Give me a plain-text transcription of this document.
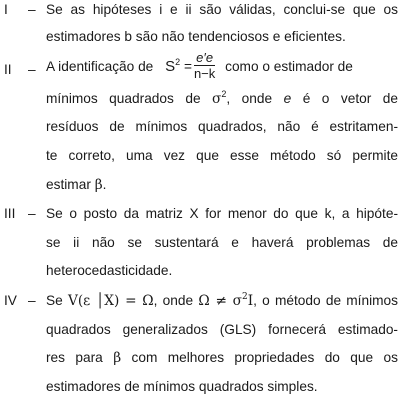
I – Se as hipóteses i e ii são válidas, conclui-se que os
estimadores b são não tendenciosos e eficientes.
II – A identificação de $S^2 = \frac{e'e}{n-k}$ como o estimador de
mínimos quadrados de $\sigma^2$, onde e é o vetor de
resíduos de mínimos quadrados, não é estritamen-
te correto, uma vez que esse método só permite
estimar β.
III – Se o posto da matriz X for menor do que k, a hipóte-
se ii não se sustentará e haverá problemas de
heterocedasticidade.
IV – Se V(ε │X) = Ω, onde $\Omega \ne \sigma^2I$, o método de mínimos
quadrados generalizados (GLS) fornecerá estimado-
res para β com melhores propriedades do que os
estimadores de mínimos quadrados simples.
